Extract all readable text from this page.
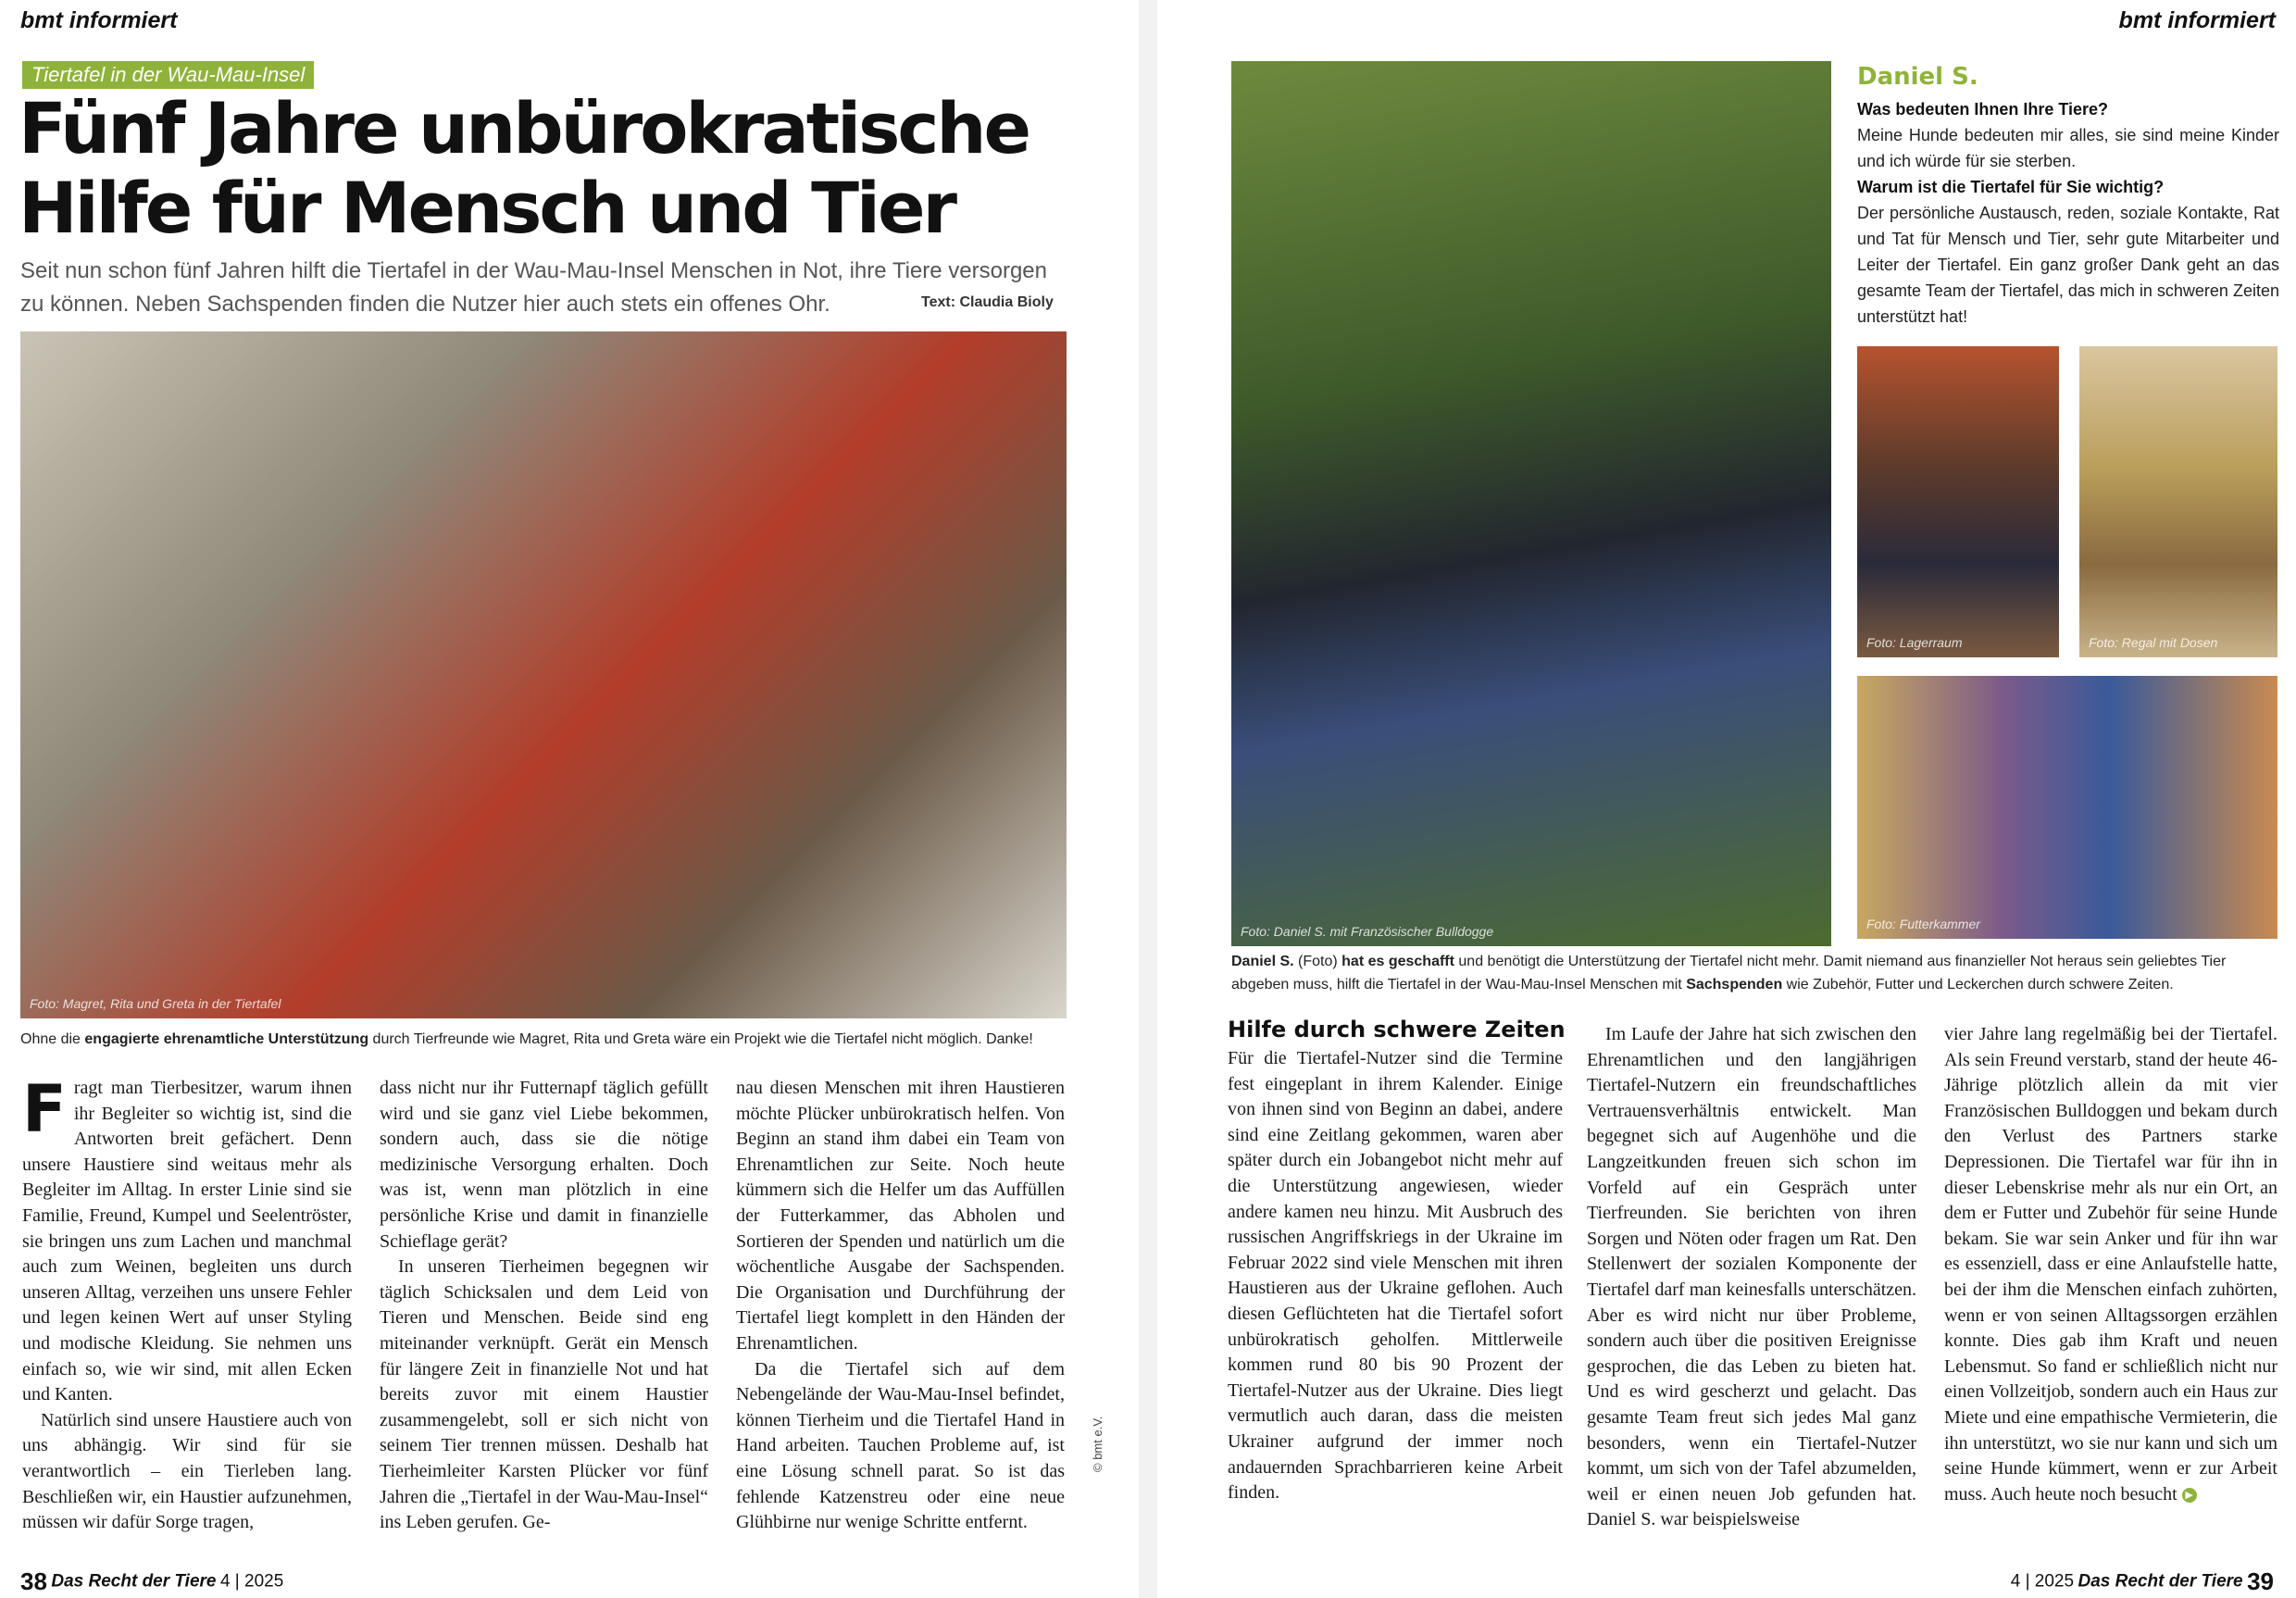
bmt informiert
Tiertafel in der Wau-Mau-Insel
Fünf Jahre unbürokratische
Hilfe für Mensch und Tier

Seit nun schon fünf Jahren hilft die Tiertafel in der Wau-Mau-Insel Menschen in Not, ihre Tiere versorgen zu können. Neben Sachspenden finden die Nutzer hier auch stets ein offenes Ohr.	Text: Claudia Bioly
Foto: Magret, Rita und Greta in der Tiertafel

Ohne die engagierte ehrenamtliche Unterstützung durch Tierfreunde wie Magret, Rita und Greta wäre ein Projekt wie die Tiertafel nicht möglich. Danke!

Fragt man Tierbesitzer, warum ihnen ihr Begleiter so wichtig ist, sind die Antworten breit gefächert. Denn unsere Haustiere sind weitaus mehr als Begleiter im Alltag. In erster Linie sind sie Familie, Freund, Kumpel und Seelentröster, sie bringen uns zum Lachen und manchmal auch zum Weinen, begleiten uns durch unseren Alltag, verzeihen uns unsere Fehler und legen keinen Wert auf unser Styling und modische Kleidung. Sie nehmen uns einfach so, wie wir sind, mit allen Ecken und Kanten.

Natürlich sind unsere Haustiere auch von uns abhängig. Wir sind für sie verantwortlich – ein Tierleben lang. Beschließen wir, ein Haustier aufzunehmen, müssen wir dafür Sorge tragen,

dass nicht nur ihr Futternapf täglich gefüllt wird und sie ganz viel Liebe bekommen, sondern auch, dass sie die nötige medizinische Versorgung erhalten. Doch was ist, wenn man plötzlich in eine persönliche Krise und damit in finanzielle Schieflage gerät?

In unseren Tierheimen begegnen wir täglich Schicksalen und dem Leid von Tieren und Menschen. Beide sind eng miteinander verknüpft. Gerät ein Mensch für längere Zeit in finanzielle Not und hat bereits zuvor mit einem Haustier zusammengelebt, soll er sich nicht von seinem Tier trennen müssen. Deshalb hat Tierheimleiter Karsten Plücker vor fünf Jahren die „Tiertafel in der Wau-Mau-Insel“ ins Leben gerufen. Ge-

nau diesen Menschen mit ihren Haustieren möchte Plücker unbürokratisch helfen. Von Beginn an stand ihm dabei ein Team von Ehrenamtlichen zur Seite. Noch heute kümmern sich die Helfer um das Auffüllen der Futterkammer, das Abholen und Sortieren der Spenden und natürlich um die wöchentliche Ausgabe der Sachspenden. Die Organisation und Durchführung der Tiertafel liegt komplett in den Händen der Ehrenamtlichen.

Da die Tiertafel sich auf dem Nebengelände der Wau-Mau-Insel befindet, können Tierheim und die Tiertafel Hand in Hand arbeiten. Tauchen Probleme auf, ist eine Lösung schnell parat. So ist das fehlende Katzenstreu oder eine neue Glühbirne nur wenige Schritte entfernt.

© bmt e.V.
38 Das Recht der Tiere 4 | 2025
bmt informiert
Foto: Daniel S. mit Französischer Bulldogge

Daniel S.

Was bedeuten Ihnen Ihre Tiere?

Meine Hunde bedeuten mir alles, sie sind meine Kinder und ich würde für sie sterben.

Warum ist die Tiertafel für Sie wichtig?

Der persönliche Austausch, reden, soziale Kontakte, Rat und Tat für Mensch und Tier, sehr gute Mitarbeiter und Leiter der Tiertafel. Ein ganz großer Dank geht an das gesamte Team der Tiertafel, das mich in schweren Zeiten unterstützt hat!

Foto: Lagerraum	Foto: Regal mit Dosen
Foto: Futterkammer

Daniel S. (Foto) hat es geschafft und benötigt die Unterstützung der Tiertafel nicht mehr. Damit niemand aus finanzieller Not heraus sein geliebtes Tier abgeben muss, hilft die Tiertafel in der Wau-Mau-Insel Menschen mit Sachspenden wie Zubehör, Futter und Leckerchen durch schwere Zeiten.

Hilfe durch schwere Zeiten

Für die Tiertafel-Nutzer sind die Termine fest eingeplant in ihrem Kalender. Einige von ihnen sind von Beginn an dabei, andere sind eine Zeitlang gekommen, waren aber später durch ein Jobangebot nicht mehr auf die Unterstützung angewiesen, wieder andere kamen neu hinzu. Mit Ausbruch des russischen Angriffskriegs in der Ukraine im Februar 2022 sind viele Menschen mit ihren Haustieren aus der Ukraine geflohen. Auch diesen Geflüchteten hat die Tiertafel sofort unbürokratisch geholfen. Mittlerweile kommen rund 80 bis 90 Prozent der Tiertafel-Nutzer aus der Ukraine. Dies liegt vermutlich auch daran, dass die meisten Ukrainer aufgrund der immer noch andauernden Sprachbarrieren keine Arbeit finden.

Im Laufe der Jahre hat sich zwischen den Ehrenamtlichen und den langjährigen Tiertafel-Nutzern ein freundschaftliches Vertrauensverhältnis entwickelt. Man begegnet sich auf Augenhöhe und die Langzeitkunden freuen sich schon im Vorfeld auf ein Gespräch unter Tierfreunden. Sie berichten von ihren Sorgen und Nöten oder fragen um Rat. Den Stellenwert der sozialen Komponente der Tiertafel darf man keinesfalls unterschätzen. Aber es wird nicht nur über Probleme, sondern auch über die positiven Ereignisse gesprochen, die das Leben zu bieten hat. Und es wird gescherzt und gelacht. Das gesamte Team freut sich jedes Mal ganz besonders, wenn ein Tiertafel-Nutzer kommt, um sich von der Tafel abzumelden, weil er einen neuen Job gefunden hat. Daniel S. war beispielsweise

vier Jahre lang regelmäßig bei der Tiertafel. Als sein Freund verstarb, stand der heute 46-Jährige plötzlich allein da mit vier Französischen Bulldoggen und bekam durch den Verlust des Partners starke Depressionen. Die Tiertafel war für ihn in dieser Lebenskrise mehr als nur ein Ort, an dem er Futter und Zubehör für seine Hunde bekam. Sie war sein Anker und für ihn war es essenziell, dass er eine Anlaufstelle hatte, bei der ihm die Menschen einfach zuhörten, wenn er von seinen Alltagssorgen erzählen konnte. Dies gab ihm Kraft und neuen Lebensmut. So fand er schließlich nicht nur einen Vollzeitjob, sondern auch ein Haus zur Miete und eine empathische Vermieterin, die ihn unterstützt, wo sie nur kann und sich um seine Hunde kümmert, wenn er zur Arbeit muss. Auch heute noch besucht ▶

4 | 2025 Das Recht der Tiere 39
